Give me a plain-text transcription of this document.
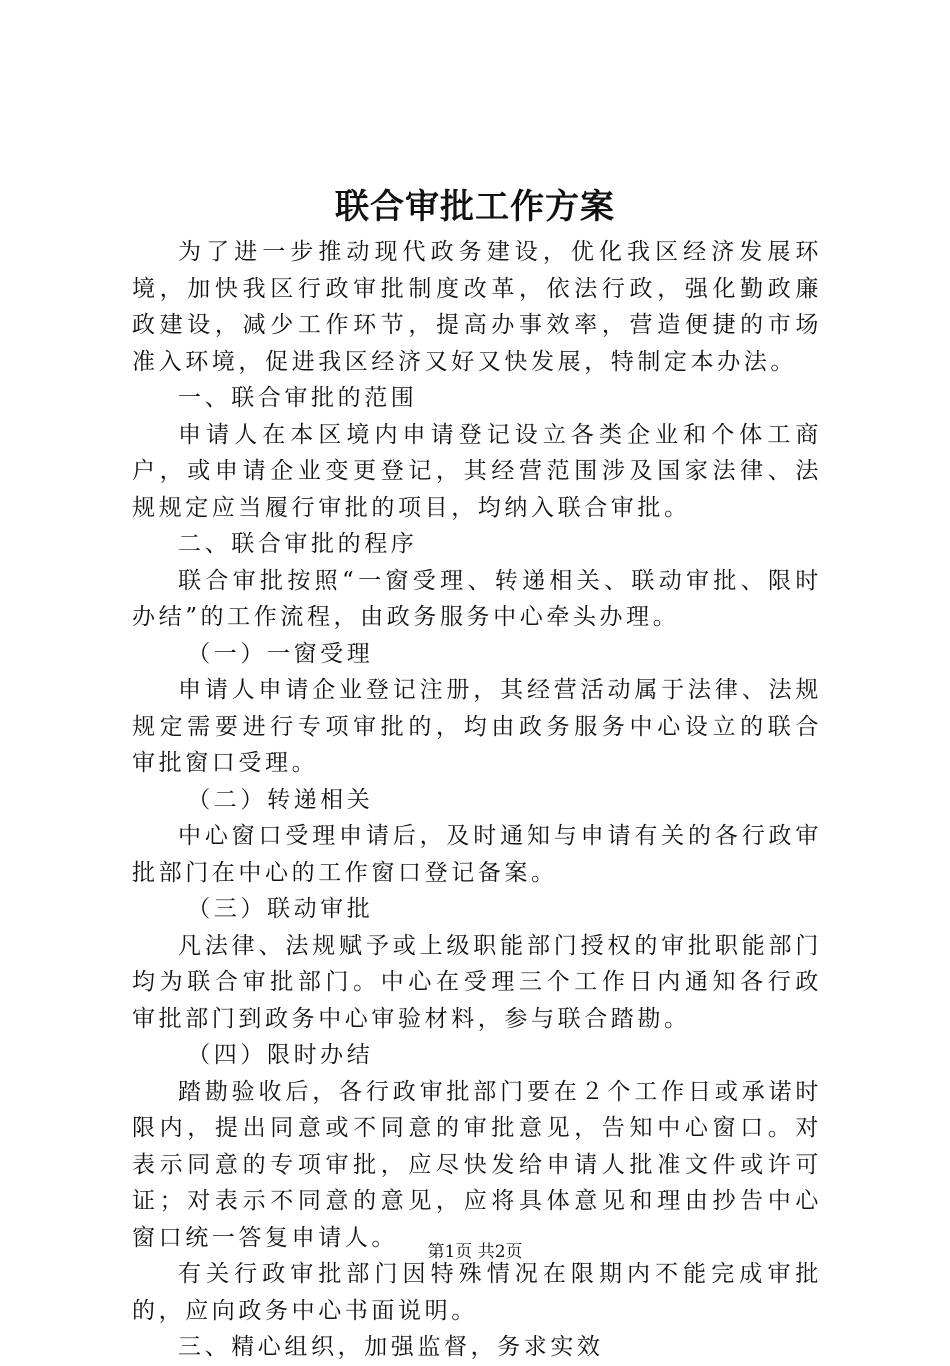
联合审批工作方案

为了进一步推动现代政务建设，优化我区经济发展环境，加快我区行政审批制度改革，依法行政，强化勤政廉政建设，减少工作环节，提高办事效率，营造便捷的市场准入环境，促进我区经济又好又快发展，特制定本办法。

一、联合审批的范围

申请人在本区境内申请登记设立各类企业和个体工商户，或申请企业变更登记，其经营范围涉及国家法律、法规规定应当履行审批的项目，均纳入联合审批。

二、联合审批的程序

联合审批按照“一窗受理、转递相关、联动审批、限时办结”的工作流程，由政务服务中心牵头办理。

（一）一窗受理

申请人申请企业登记注册，其经营活动属于法律、法规规定需要进行专项审批的，均由政务服务中心设立的联合审批窗口受理。

（二）转递相关

中心窗口受理申请后，及时通知与申请有关的各行政审批部门在中心的工作窗口登记备案。

（三）联动审批

凡法律、法规赋予或上级职能部门授权的审批职能部门均为联合审批部门。中心在受理三个工作日内通知各行政审批部门到政务中心审验材料，参与联合踏勘。

（四）限时办结

踏勘验收后，各行政审批部门要在２个工作日或承诺时限内，提出同意或不同意的审批意见，告知中心窗口。对表示同意的专项审批，应尽快发给申请人批准文件或许可证；对表示不同意的意见，应将具体意见和理由抄告中心窗口统一答复申请人。

有关行政审批部门因特殊情况在限期内不能完成审批的，应向政务中心书面说明。

三、精心组织，加强监督，务求实效

第1页 共2页
